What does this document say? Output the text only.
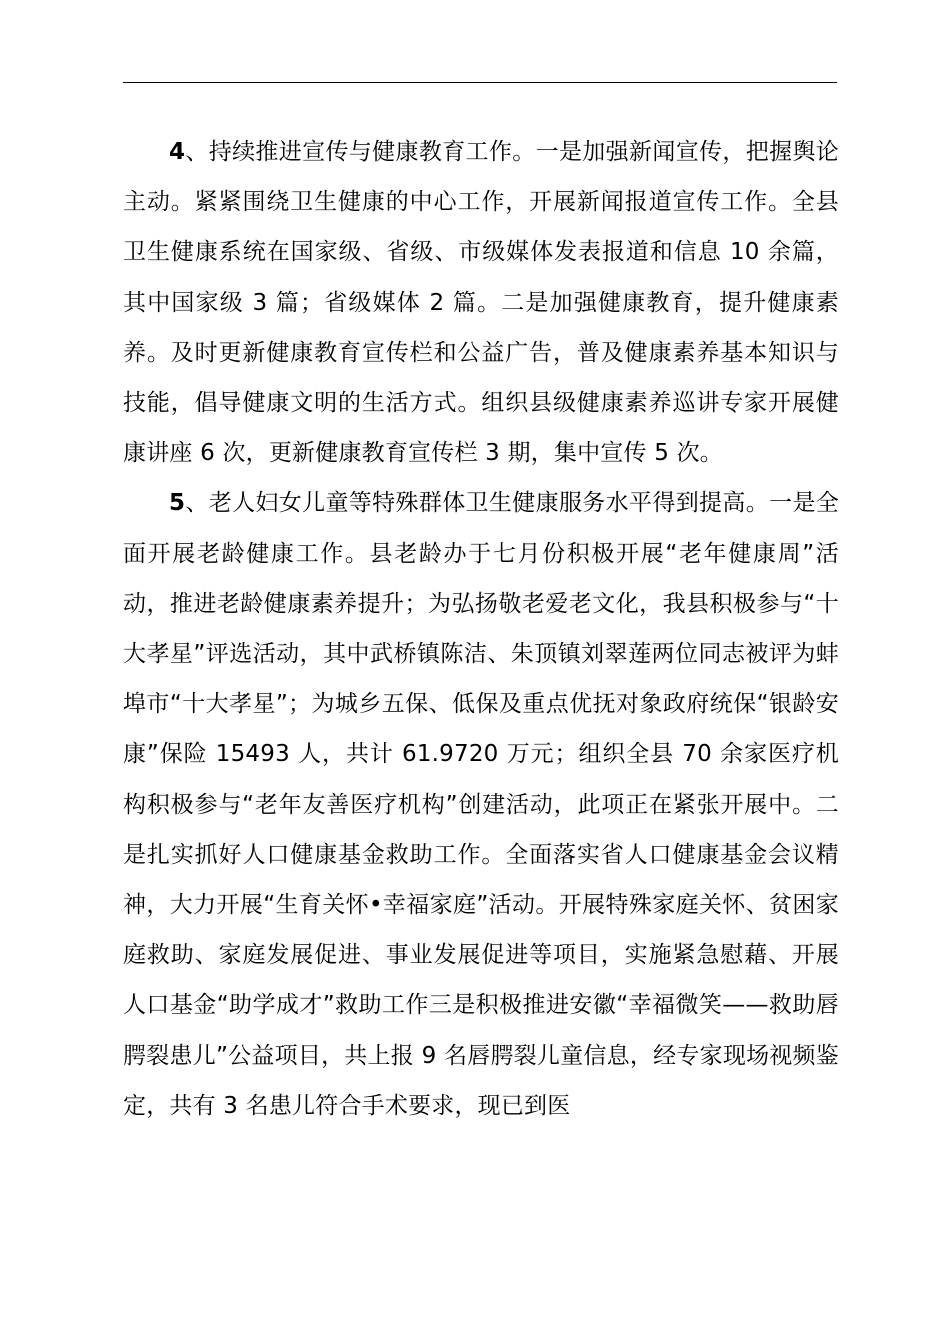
4、持续推进宣传与健康教育工作。一是加强新闻宣传，把握舆论主动。紧紧围绕卫生健康的中心工作，开展新闻报道宣传工作。全县卫生健康系统在国家级、省级、市级媒体发表报道和信息 10 余篇，其中国家级 3 篇；省级媒体 2 篇。二是加强健康教育，提升健康素养。及时更新健康教育宣传栏和公益广告，普及健康素养基本知识与技能，倡导健康文明的生活方式。组织县级健康素养巡讲专家开展健康讲座 6 次，更新健康教育宣传栏 3 期，集中宣传 5 次。

5、老人妇女儿童等特殊群体卫生健康服务水平得到提高。一是全面开展老龄健康工作。县老龄办于七月份积极开展“老年健康周”活动，推进老龄健康素养提升；为弘扬敬老爱老文化，我县积极参与“十大孝星”评选活动，其中武桥镇陈洁、朱顶镇刘翠莲两位同志被评为蚌埠市“十大孝星”；为城乡五保、低保及重点优抚对象政府统保“银龄安康”保险 15493 人，共计 61.9720 万元；组织全县 70 余家医疗机构积极参与“老年友善医疗机构”创建活动，此项正在紧张开展中。二是扎实抓好人口健康基金救助工作。全面落实省人口健康基金会议精神，大力开展“生育关怀•幸福家庭”活动。开展特殊家庭关怀、贫困家庭救助、家庭发展促进、事业发展促进等项目，实施紧急慰藉、开展人口基金“助学成才”救助工作三是积极推进安徽“幸福微笑——救助唇腭裂患儿”公益项目，共上报 9 名唇腭裂儿童信息，经专家现场视频鉴定，共有 3 名患儿符合手术要求，现已到医
